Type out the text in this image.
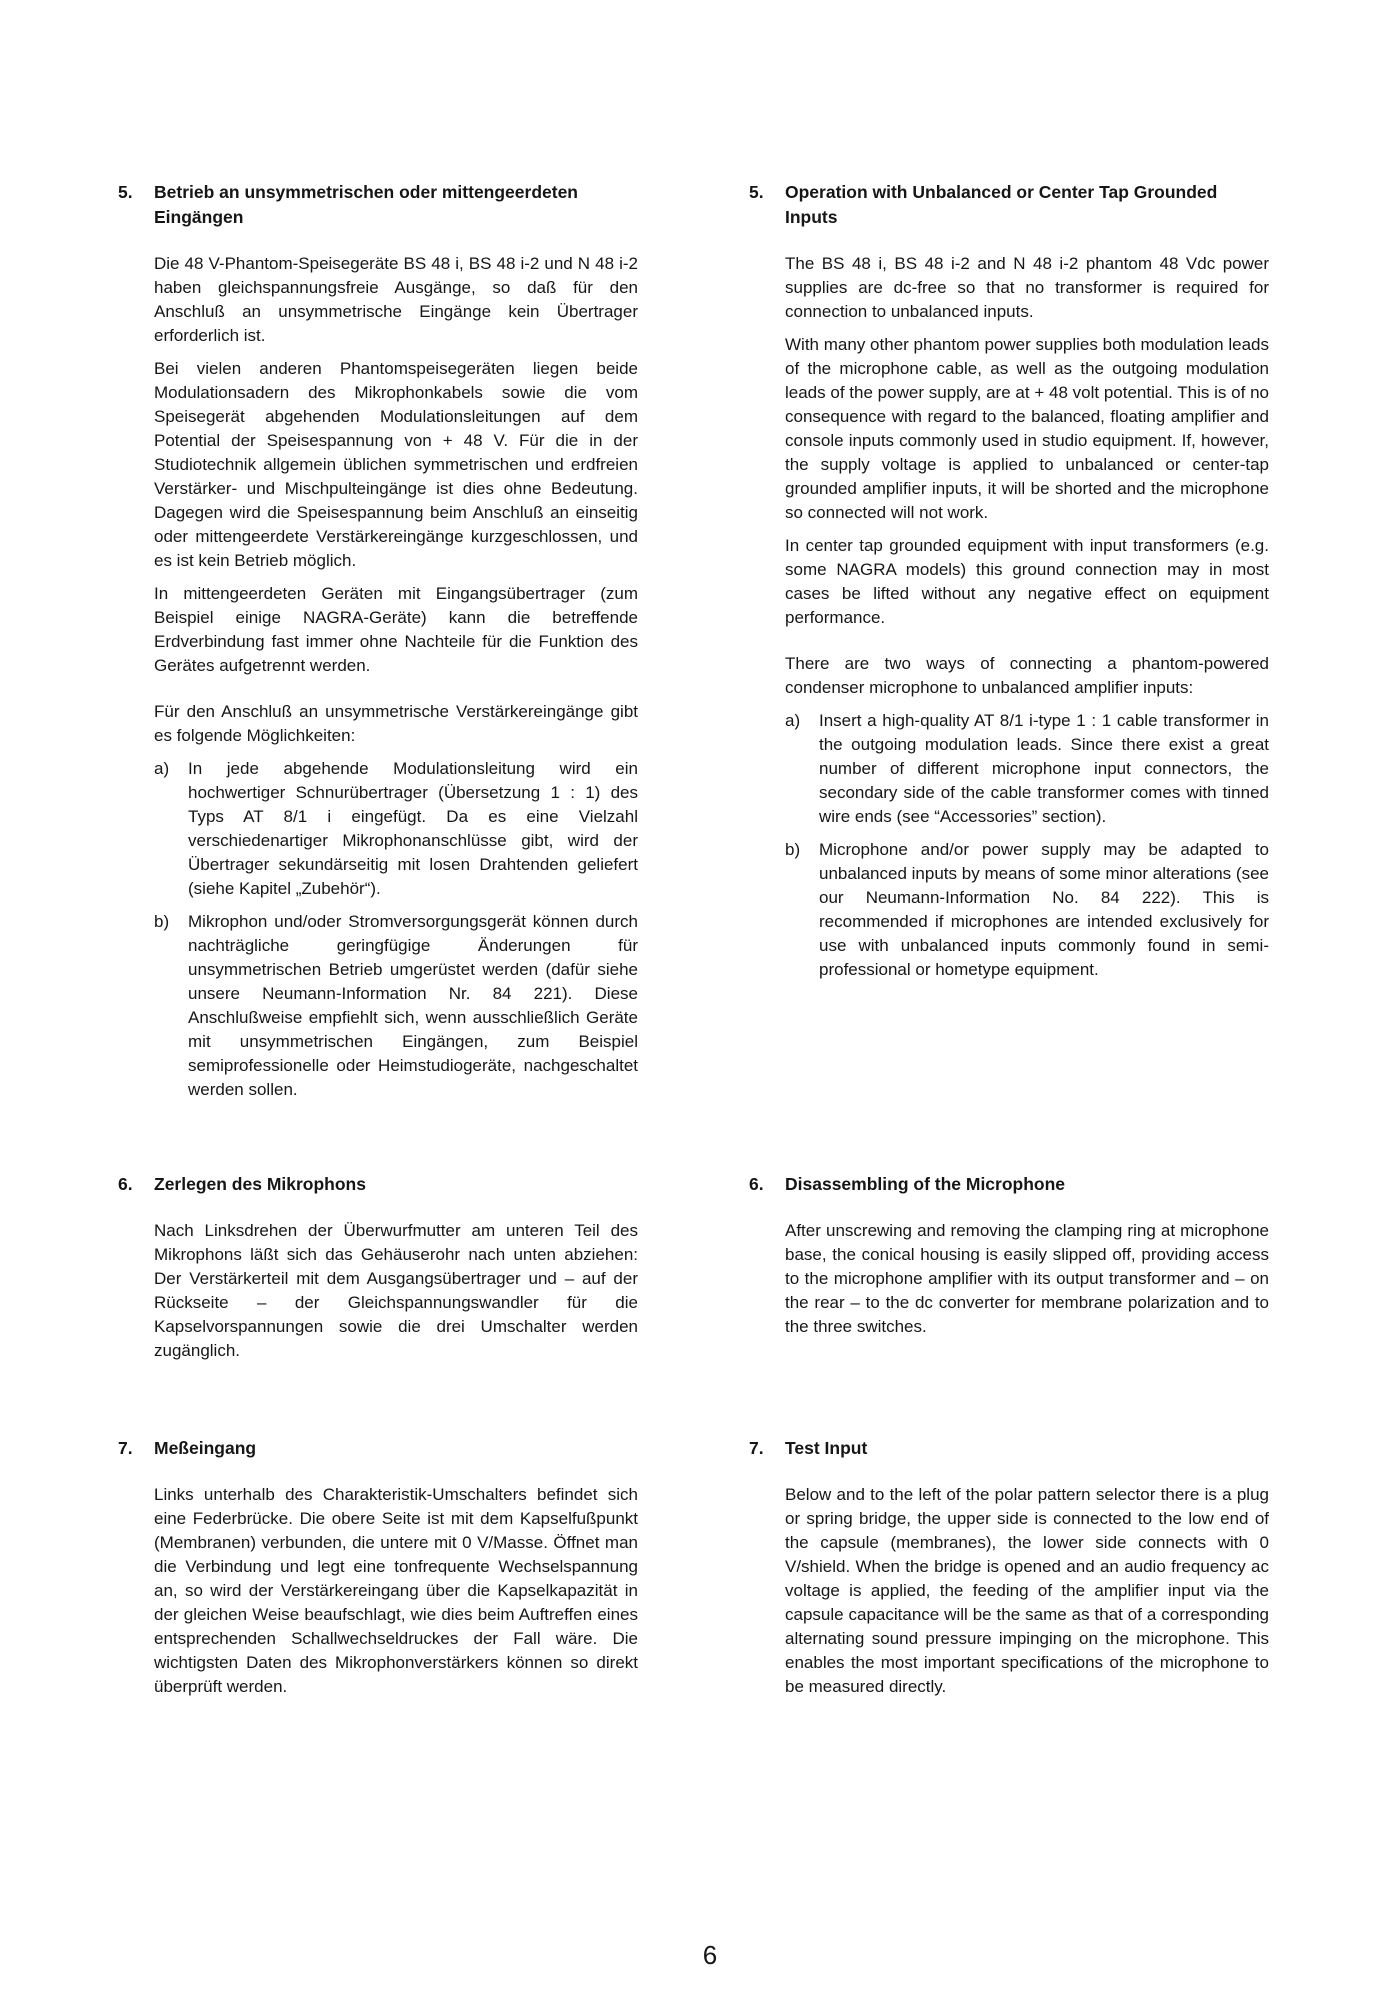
5.	Betrieb an unsymmetrischen oder mittengeerdeten Eingängen

Die 48 V-Phantom-Speisegeräte BS 48 i, BS 48 i-2 und N 48 i-2 haben gleichspannungsfreie Ausgänge, so daß für den Anschluß an unsymmetrische Eingänge kein Übertrager erforderlich ist.

Bei vielen anderen Phantomspeisegeräten liegen beide Modulationsadern des Mikrophonkabels sowie die vom Speisegerät abgehenden Modulationsleitungen auf dem Potential der Speisespannung von + 48 V. Für die in der Studiotechnik allgemein üblichen symmetrischen und erdfreien Verstärker- und Mischpulteingänge ist dies ohne Bedeutung. Dagegen wird die Speisespannung beim Anschluß an einseitig oder mittengeerdete Verstärkereingänge kurzgeschlossen, und es ist kein Betrieb möglich.

In mittengeerdeten Geräten mit Eingangsübertrager (zum Beispiel einige NAGRA-Geräte) kann die betreffende Erdverbindung fast immer ohne Nachteile für die Funktion des Gerätes aufgetrennt werden.

Für den Anschluß an unsymmetrische Verstärkereingänge gibt es folgende Möglichkeiten:

a)	In jede abgehende Modulationsleitung wird ein hochwertiger Schnurübertrager (Übersetzung 1 : 1) des Typs AT 8/1 i eingefügt. Da es eine Vielzahl verschiedenartiger Mikrophonanschlüsse gibt, wird der Übertrager sekundärseitig mit losen Drahtenden geliefert (siehe Kapitel „Zubehör“).
b)	Mikrophon und/oder Stromversorgungsgerät können durch nachträgliche geringfügige Änderungen für unsymmetrischen Betrieb umgerüstet werden (dafür siehe unsere Neumann-Information Nr. 84 221). Diese Anschlußweise empfiehlt sich, wenn ausschließlich Geräte mit unsymmetrischen Eingängen, zum Beispiel semiprofessionelle oder Heimstudiogeräte, nachgeschaltet werden sollen.
6.	Zerlegen des Mikrophons

Nach Linksdrehen der Überwurfmutter am unteren Teil des Mikrophons läßt sich das Gehäuserohr nach unten abziehen: Der Verstärkerteil mit dem Ausgangsübertrager und – auf der Rückseite – der Gleichspannungswandler für die Kapselvorspannungen sowie die drei Umschalter werden zugänglich.

7.	Meßeingang

Links unterhalb des Charakteristik-Umschalters befindet sich eine Federbrücke. Die obere Seite ist mit dem Kapselfußpunkt (Membranen) verbunden, die untere mit 0 V/Masse. Öffnet man die Verbindung und legt eine tonfrequente Wechselspannung an, so wird der Verstärkereingang über die Kapselkapazität in der gleichen Weise beaufschlagt, wie dies beim Auftreffen eines entsprechenden Schallwechseldruckes der Fall wäre. Die wichtigsten Daten des Mikrophonverstärkers können so direkt überprüft werden.

5.	Operation with Unbalanced or Center Tap Grounded Inputs

The BS 48 i, BS 48 i-2 and N 48 i-2 phantom 48 Vdc power supplies are dc-free so that no transformer is required for connection to unbalanced inputs.

With many other phantom power supplies both modulation leads of the microphone cable, as well as the outgoing modulation leads of the power supply, are at + 48 volt potential. This is of no consequence with regard to the balanced, floating amplifier and console inputs commonly used in studio equipment. If, however, the supply voltage is applied to unbalanced or center-tap grounded amplifier inputs, it will be shorted and the microphone so connected will not work.

In center tap grounded equipment with input transformers (e.g. some NAGRA models) this ground connection may in most cases be lifted without any negative effect on equipment performance.

There are two ways of connecting a phantom-powered condenser microphone to unbalanced amplifier inputs:

a)	Insert a high-quality AT 8/1 i-type 1 : 1 cable transformer in the outgoing modulation leads. Since there exist a great number of different microphone input connectors, the secondary side of the cable transformer comes with tinned wire ends (see “Accessories” section).
b)	Microphone and/or power supply may be adapted to unbalanced inputs by means of some minor alterations (see our Neumann-Information No. 84 222). This is recommended if microphones are intended exclusively for use with unbalanced inputs commonly found in semi-professional or hometype equipment.
6.	Disassembling of the Microphone

After unscrewing and removing the clamping ring at microphone base, the conical housing is easily slipped off, providing access to the microphone amplifier with its output transformer and – on the rear – to the dc converter for membrane polarization and to the three switches.

7.	Test Input

Below and to the left of the polar pattern selector there is a plug or spring bridge, the upper side is connected to the low end of the capsule (membranes), the lower side connects with 0 V/shield. When the bridge is opened and an audio frequency ac voltage is applied, the feeding of the amplifier input via the capsule capacitance will be the same as that of a corresponding alternating sound pressure impinging on the microphone. This enables the most important specifications of the microphone to be measured directly.

6
